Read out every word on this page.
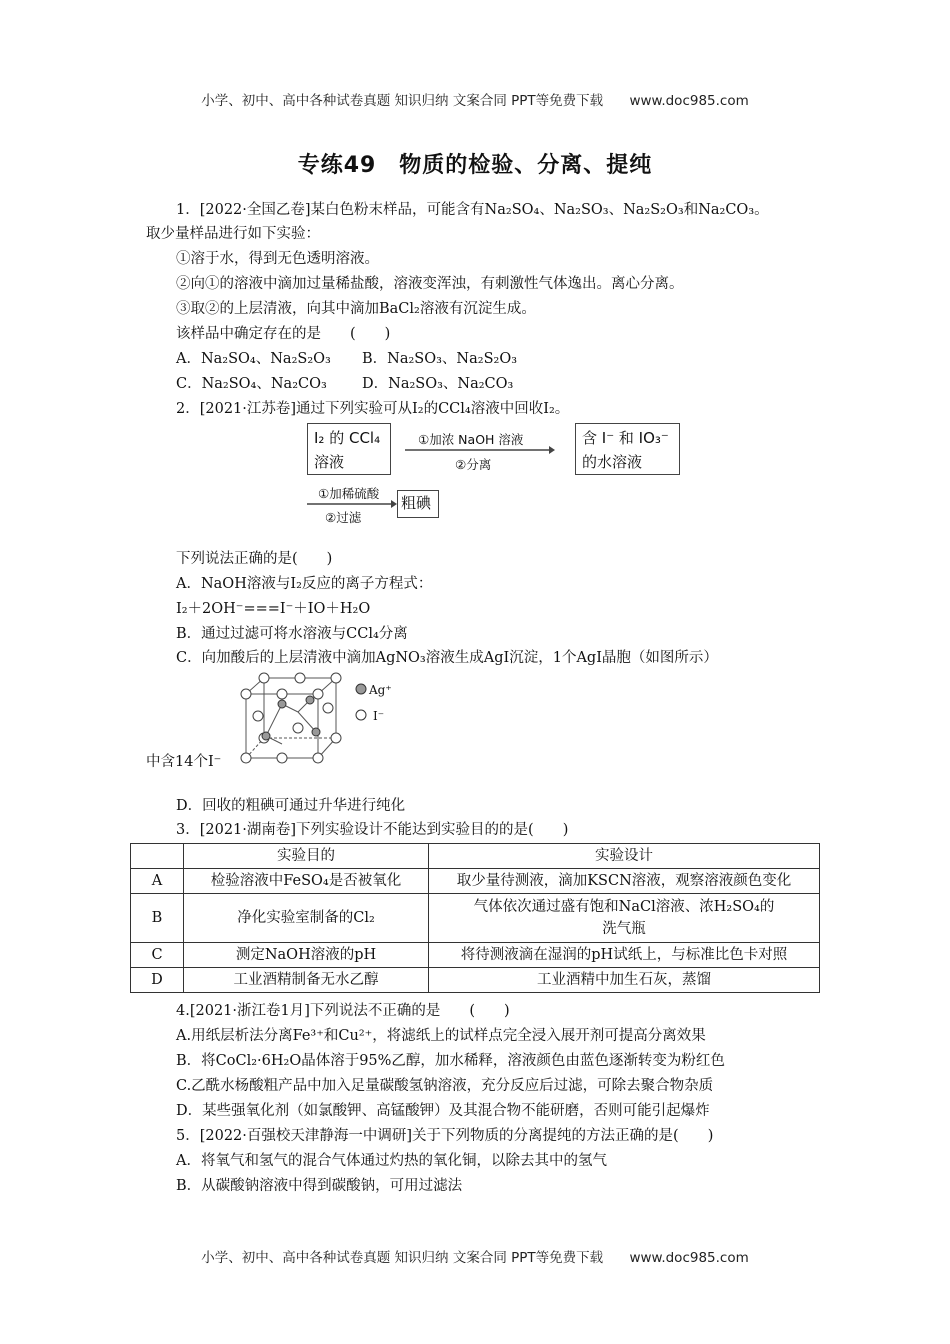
小学、初中、高中各种试卷真题 知识归纳 文案合同 PPT等免费下载 www.doc985.com
专练49　物质的检验、分离、提纯
1．[2022·全国乙卷]某白色粉末样品，可能含有Na₂SO₄、Na₂SO₃、Na₂S₂O₃和Na₂CO₃。
取少量样品进行如下实验：
①溶于水，得到无色透明溶液。
②向①的溶液中滴加过量稀盐酸，溶液变浑浊，有刺激性气体逸出。离心分离。
③取②的上层清液，向其中滴加BaCl₂溶液有沉淀生成。
该样品中确定存在的是　　(　　)
A．Na₂SO₄、Na₂S₂O₃ B．Na₂SO₃、Na₂S₂O₃
C．Na₂SO₄、Na₂CO₃ D．Na₂SO₃、Na₂CO₃
2．[2021·江苏卷]通过下列实验可从I₂的CCl₄溶液中回收I₂。
I₂ 的 CCl₄
溶液
①加浓 NaOH 溶液
②分离
含 I⁻ 和 IO₃⁻
的水溶液
①加稀硫酸
②过滤
粗碘
下列说法正确的是(　　)
A．NaOH溶液与I₂反应的离子方程式：
I₂＋2OH⁻===I⁻＋IO＋H₂O
B．通过过滤可将水溶液与CCl₄分离
C．向加酸后的上层清液中滴加AgNO₃溶液生成AgI沉淀，1个AgI晶胞（如图所示）
Ag⁺
I⁻
中含14个I⁻
D．回收的粗碘可通过升华进行纯化
3．[2021·湖南卷]下列实验设计不能达到实验目的的是(　　)
	实验目的	实验设计
A	检验溶液中FeSO₄是否被氧化	取少量待测液，滴加KSCN溶液，观察溶液颜色变化
B	净化实验室制备的Cl₂	气体依次通过盛有饱和NaCl溶液、浓H₂SO₄的洗气瓶
C	测定NaOH溶液的pH	将待测液滴在湿润的pH试纸上，与标准比色卡对照
D	工业酒精制备无水乙醇	工业酒精中加生石灰，蒸馏
4.[2021·浙江卷1月]下列说法不正确的是　　(　　)
A.用纸层析法分离Fe³⁺和Cu²⁺，将滤纸上的试样点完全浸入展开剂可提高分离效果
B．将CoCl₂·6H₂O晶体溶于95%乙醇，加水稀释，溶液颜色由蓝色逐渐转变为粉红色
C.乙酰水杨酸粗产品中加入足量碳酸氢钠溶液，充分反应后过滤，可除去聚合物杂质
D．某些强氧化剂（如氯酸钾、高锰酸钾）及其混合物不能研磨，否则可能引起爆炸
5．[2022·百强校天津静海一中调研]关于下列物质的分离提纯的方法正确的是(　　)
A．将氧气和氢气的混合气体通过灼热的氧化铜，以除去其中的氢气
B．从碳酸钠溶液中得到碳酸钠，可用过滤法
小学、初中、高中各种试卷真题 知识归纳 文案合同 PPT等免费下载 www.doc985.com
